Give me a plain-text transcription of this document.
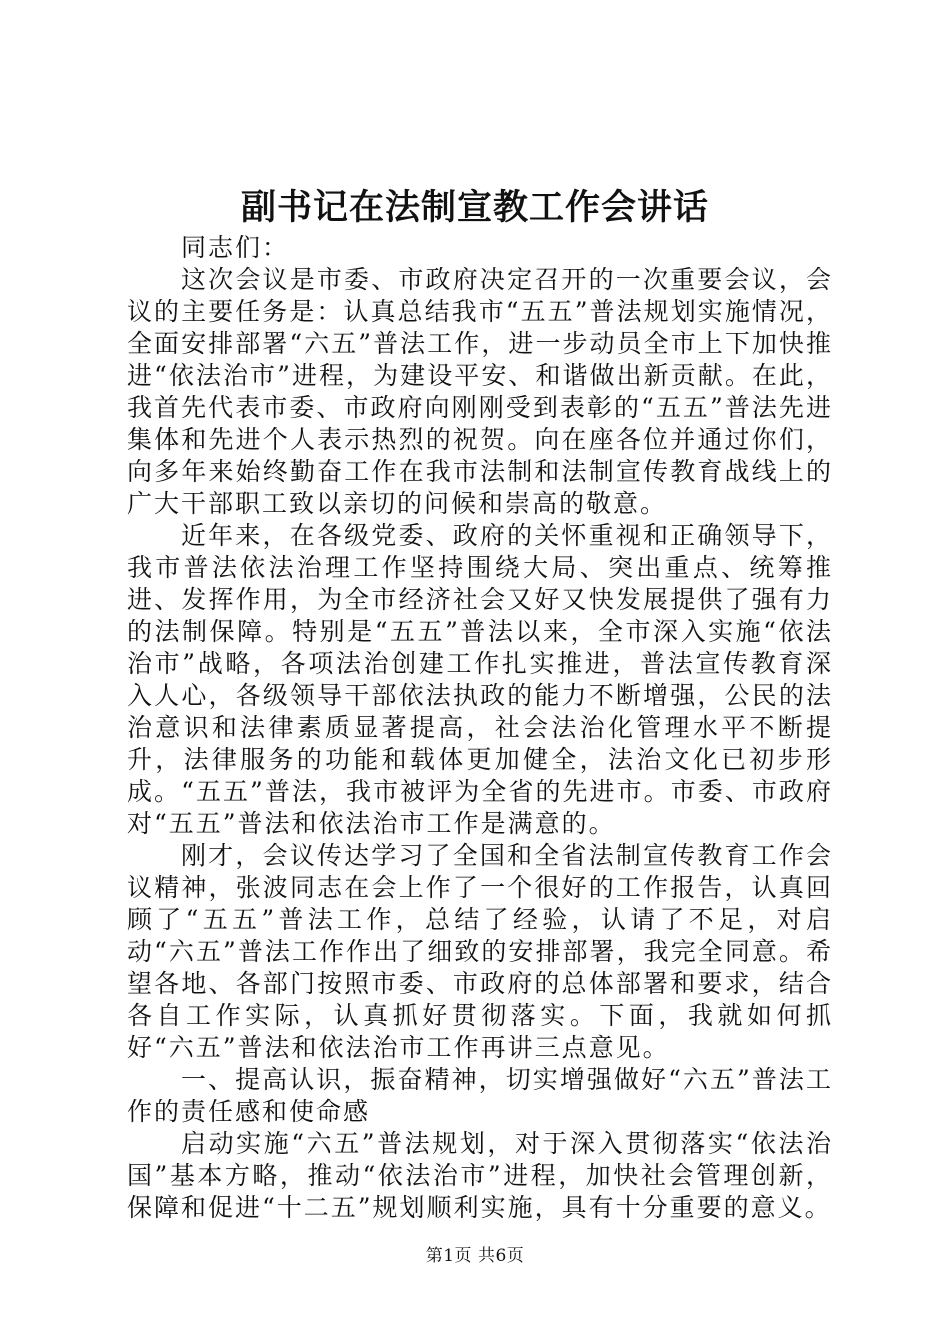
副书记在法制宣教工作会讲话

同志们：

这次会议是市委、市政府决定召开的一次重要会议，会议的主要任务是：认真总结我市“五五”普法规划实施情况，全面安排部署“六五”普法工作，进一步动员全市上下加快推进“依法治市”进程，为建设平安、和谐做出新贡献。在此，我首先代表市委、市政府向刚刚受到表彰的“五五”普法先进集体和先进个人表示热烈的祝贺。向在座各位并通过你们，向多年来始终勤奋工作在我市法制和法制宣传教育战线上的广大干部职工致以亲切的问候和崇高的敬意。

近年来，在各级党委、政府的关怀重视和正确领导下，我市普法依法治理工作坚持围绕大局、突出重点、统筹推进、发挥作用，为全市经济社会又好又快发展提供了强有力的法制保障。特别是“五五”普法以来，全市深入实施“依法治市”战略，各项法治创建工作扎实推进，普法宣传教育深入人心，各级领导干部依法执政的能力不断增强，公民的法治意识和法律素质显著提高，社会法治化管理水平不断提升，法律服务的功能和载体更加健全，法治文化已初步形成。“五五”普法，我市被评为全省的先进市。市委、市政府对“五五”普法和依法治市工作是满意的。

刚才，会议传达学习了全国和全省法制宣传教育工作会议精神，张波同志在会上作了一个很好的工作报告，认真回顾了“五五”普法工作，总结了经验，认请了不足，对启动“六五”普法工作作出了细致的安排部署，我完全同意。希望各地、各部门按照市委、市政府的总体部署和要求，结合各自工作实际，认真抓好贯彻落实。下面，我就如何抓好“六五”普法和依法治市工作再讲三点意见。

一、提高认识，振奋精神，切实增强做好“六五”普法工作的责任感和使命感

启动实施“六五”普法规划，对于深入贯彻落实“依法治国”基本方略，推动“依法治市”进程，加快社会管理创新，保障和促进“十二五”规划顺利实施，具有十分重要的意义。

第1页 共6页
